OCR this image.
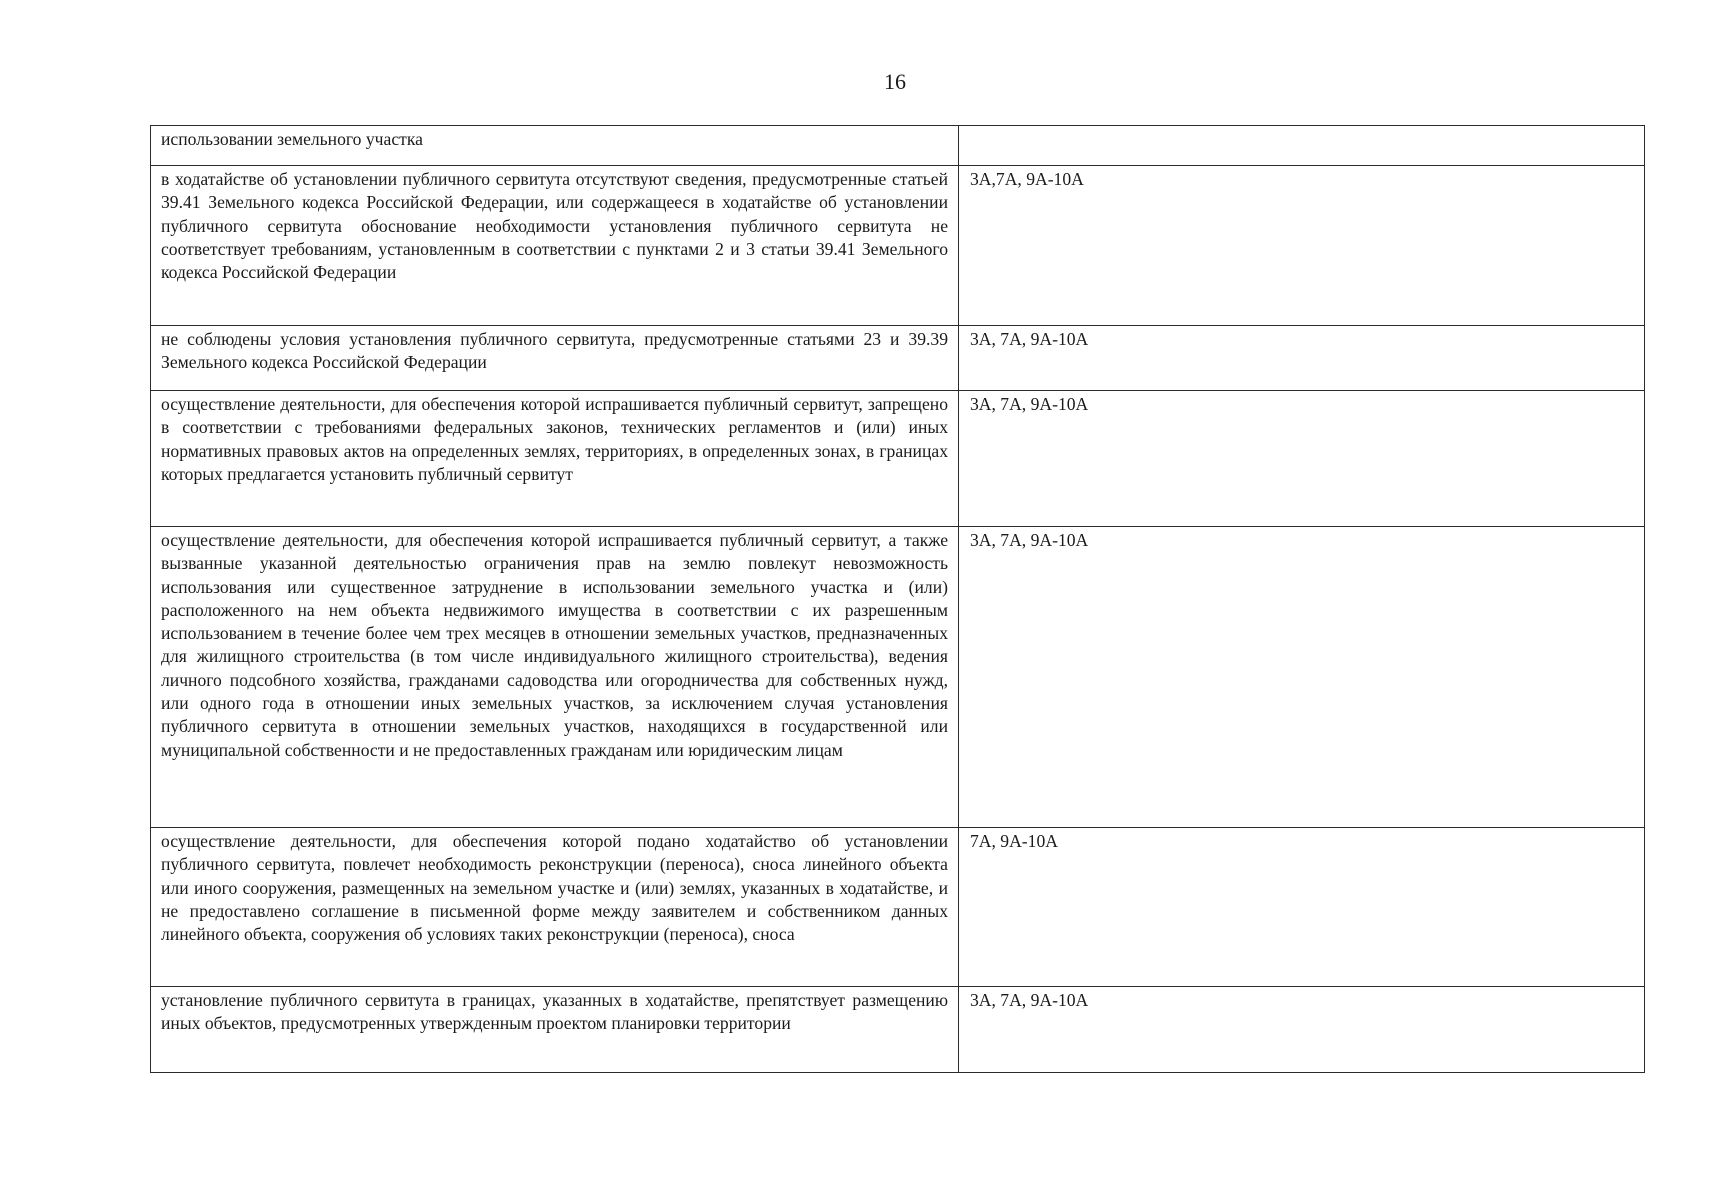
16
использовании земельного участка	
в ходатайстве об установлении публичного сервитута отсутствуют сведения, предусмотренные статьей 39.41 Земельного кодекса Российской Федерации, или содержащееся в ходатайстве об установлении публичного сервитута обоснование необходимости установления публичного сервитута не соответствует требованиям, установленным в соответствии с пунктами 2 и 3 статьи 39.41 Земельного кодекса Российской Федерации	3А,7А, 9А-10А
не соблюдены условия установления публичного сервитута, предусмотренные статьями 23 и 39.39 Земельного кодекса Российской Федерации	3А, 7А, 9А-10А
осуществление деятельности, для обеспечения которой испрашивается публичный сервитут, запрещено в соответствии с требованиями федеральных законов, технических регламентов и (или) иных нормативных правовых актов на определенных землях, территориях, в определенных зонах, в границах которых предлагается установить публичный сервитут	3А, 7А, 9А-10А
осуществление деятельности, для обеспечения которой испрашивается публичный сервитут, а также вызванные указанной деятельностью ограничения прав на землю повлекут невозможность использования или существенное затруднение в использовании земельного участка и (или) расположенного на нем объекта недвижимого имущества в соответствии с их разрешенным использованием в течение более чем трех месяцев в отношении земельных участков, предназначенных для жилищного строительства (в том числе индивидуального жилищного строительства), ведения личного подсобного хозяйства, гражданами садоводства или огородничества для собственных нужд, или одного года в отношении иных земельных участков, за исключением случая установления публичного сервитута в отношении земельных участков, находящихся в государственной или муниципальной собственности и не предоставленных гражданам или юридическим лицам	3А, 7А, 9А-10А
осуществление деятельности, для обеспечения которой подано ходатайство об установлении публичного сервитута, повлечет необходимость реконструкции (переноса), сноса линейного объекта или иного сооружения, размещенных на земельном участке и (или) землях, указанных в ходатайстве, и не предоставлено соглашение в письменной форме между заявителем и собственником данных линейного объекта, сооружения об условиях таких реконструкции (переноса), сноса	7А, 9А-10А
установление публичного сервитута в границах, указанных в ходатайстве, препятствует размещению иных объектов, предусмотренных утвержденным проектом планировки территории	3А, 7А, 9А-10А
